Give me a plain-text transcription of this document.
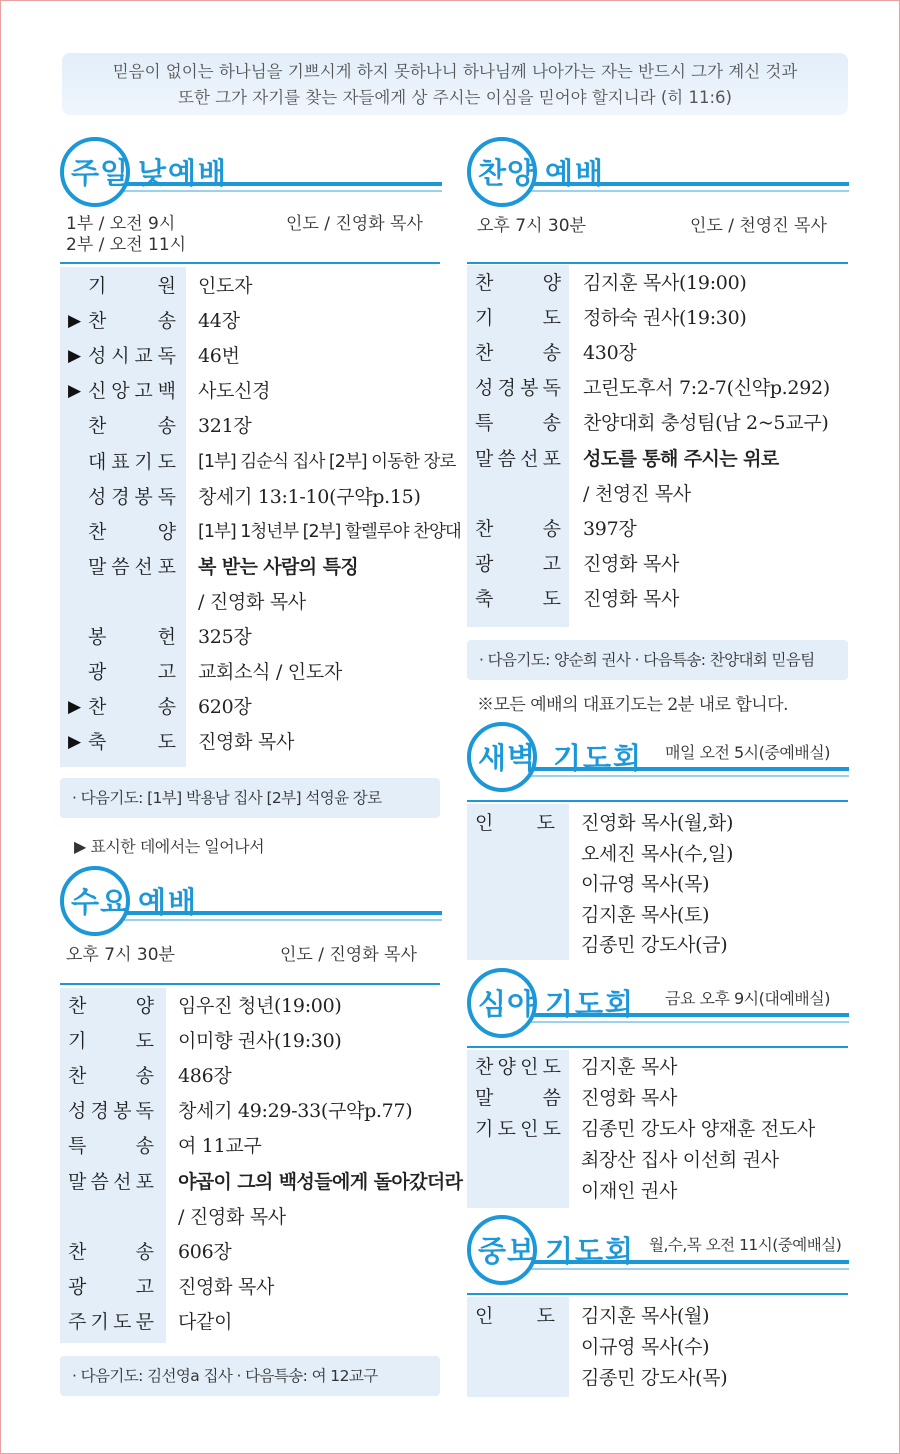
믿음이 없이는 하나님을 기쁘시게 하지 못하나니 하나님께 나아가는 자는 반드시 그가 계신 것과
또한 그가 자기를 찾는 자들에게 상 주시는 이심을 믿어야 할지니라 (히 11:6)
주일 낮예배
1부 / 오전 9시
2부 / 오전 11시
인도 / 진영화 목사
기	원 인도자
▶ 찬	송 44장
▶ 성 시 교 독 46번
▶ 신 앙 고 백 사도신경
찬	송 321장
대 표 기 도 [1부] 김순식 집사 [2부] 이동한 장로
성 경 봉 독 창세기 13:1-10(구약p.15)
찬	양 [1부] 1청년부 [2부] 할렐루야 찬양대
말 씀 선 포 복 받는 사람의 특징
/ 진영화 목사
봉	헌 325장
광	고 교회소식 / 인도자
▶ 찬	송 620장
▶ 축	도 진영화 목사
· 다음기도: [1부] 박용남 집사 [2부] 석영윤 장로
▶ 표시한 데에서는 일어나서
수요 예배
오후 7시 30분	인도 / 진영화 목사
찬	양 임우진 청년(19:00)
기	도 이미향 권사(19:30)
찬	송 486장
성 경 봉 독 창세기 49:29-33(구약p.77)
특	송 여 11교구
말 씀 선 포 야곱이 그의 백성들에게 돌아갔더라
/ 진영화 목사
찬	송 606장
광	고 진영화 목사
주 기 도 문 다같이
· 다음기도: 김선영a 집사 · 다음특송: 여 12교구
찬양 예배
오후 7시 30분	인도 / 천영진 목사
찬	양 김지훈 목사(19:00)
기	도 정하숙 권사(19:30)
찬	송 430장
성 경 봉 독 고린도후서 7:2-7(신약p.292)
특	송 찬양대회 충성팀(남 2~5교구)
말 씀 선 포 성도를 통해 주시는 위로
/ 천영진 목사
찬	송 397장
광	고 진영화 목사
축	도 진영화 목사
· 다음기도: 양순희 권사 · 다음특송: 찬양대회 믿음팀
※모든 예배의 대표기도는 2분 내로 합니다.
새벽 기도회 매일 오전 5시(중예배실)
인 도 진영화 목사(월,화)
오세진 목사(수,일)
이규영 목사(목)
김지훈 목사(토)
김종민 강도사(금)
심야 기도회 금요 오후 9시(대예배실)
찬 양 인 도 김지훈 목사
말	씀 진영화 목사
기 도 인 도 김종민 강도사 양재훈 전도사
최장산 집사 이선희 권사
이재인 권사
중보 기도회 월,수,목 오전 11시(중예배실)
인 도 김지훈 목사(월)
이규영 목사(수)
김종민 강도사(목)
